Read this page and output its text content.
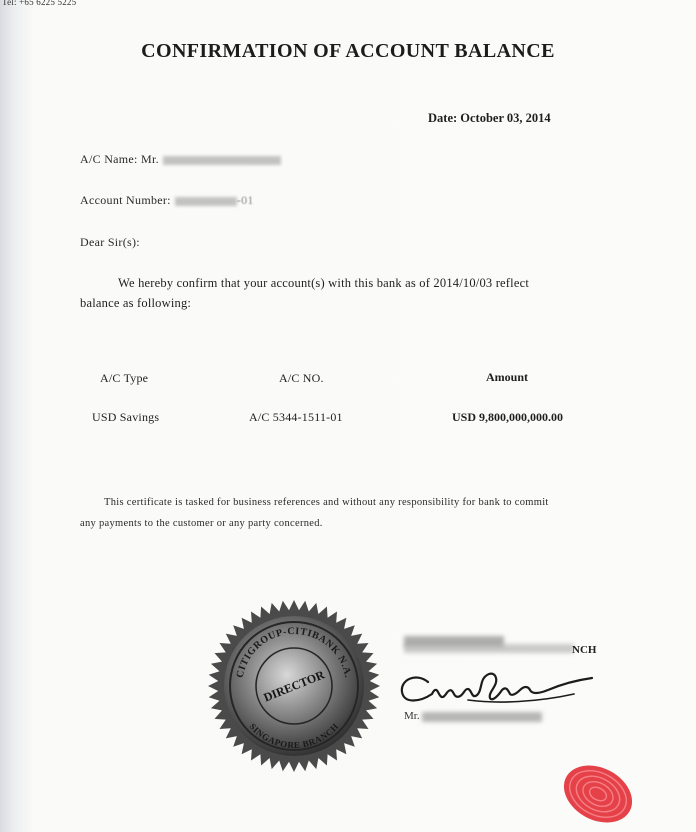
Tel: +65 6225 5225
CONFIRMATION OF ACCOUNT BALANCE
Date: October 03, 2014
A/C Name: Mr.
Account Number:	-01
Dear Sir(s):
We hereby confirm that your account(s) with this bank as of 2014/10/03 reflect
balance as following:
A/C Type	A/C NO.	Amount
USD Savings	A/C 5344-1511-01	USD 9,800,000,000.00
This certificate is tasked for business references and without any responsibility for bank to commit
any payments to the customer or any party concerned.
CITIGROUP-CITIBANK N.A.
SINGAPORE BRANCH
DIRECTOR
NCH
Mr.
